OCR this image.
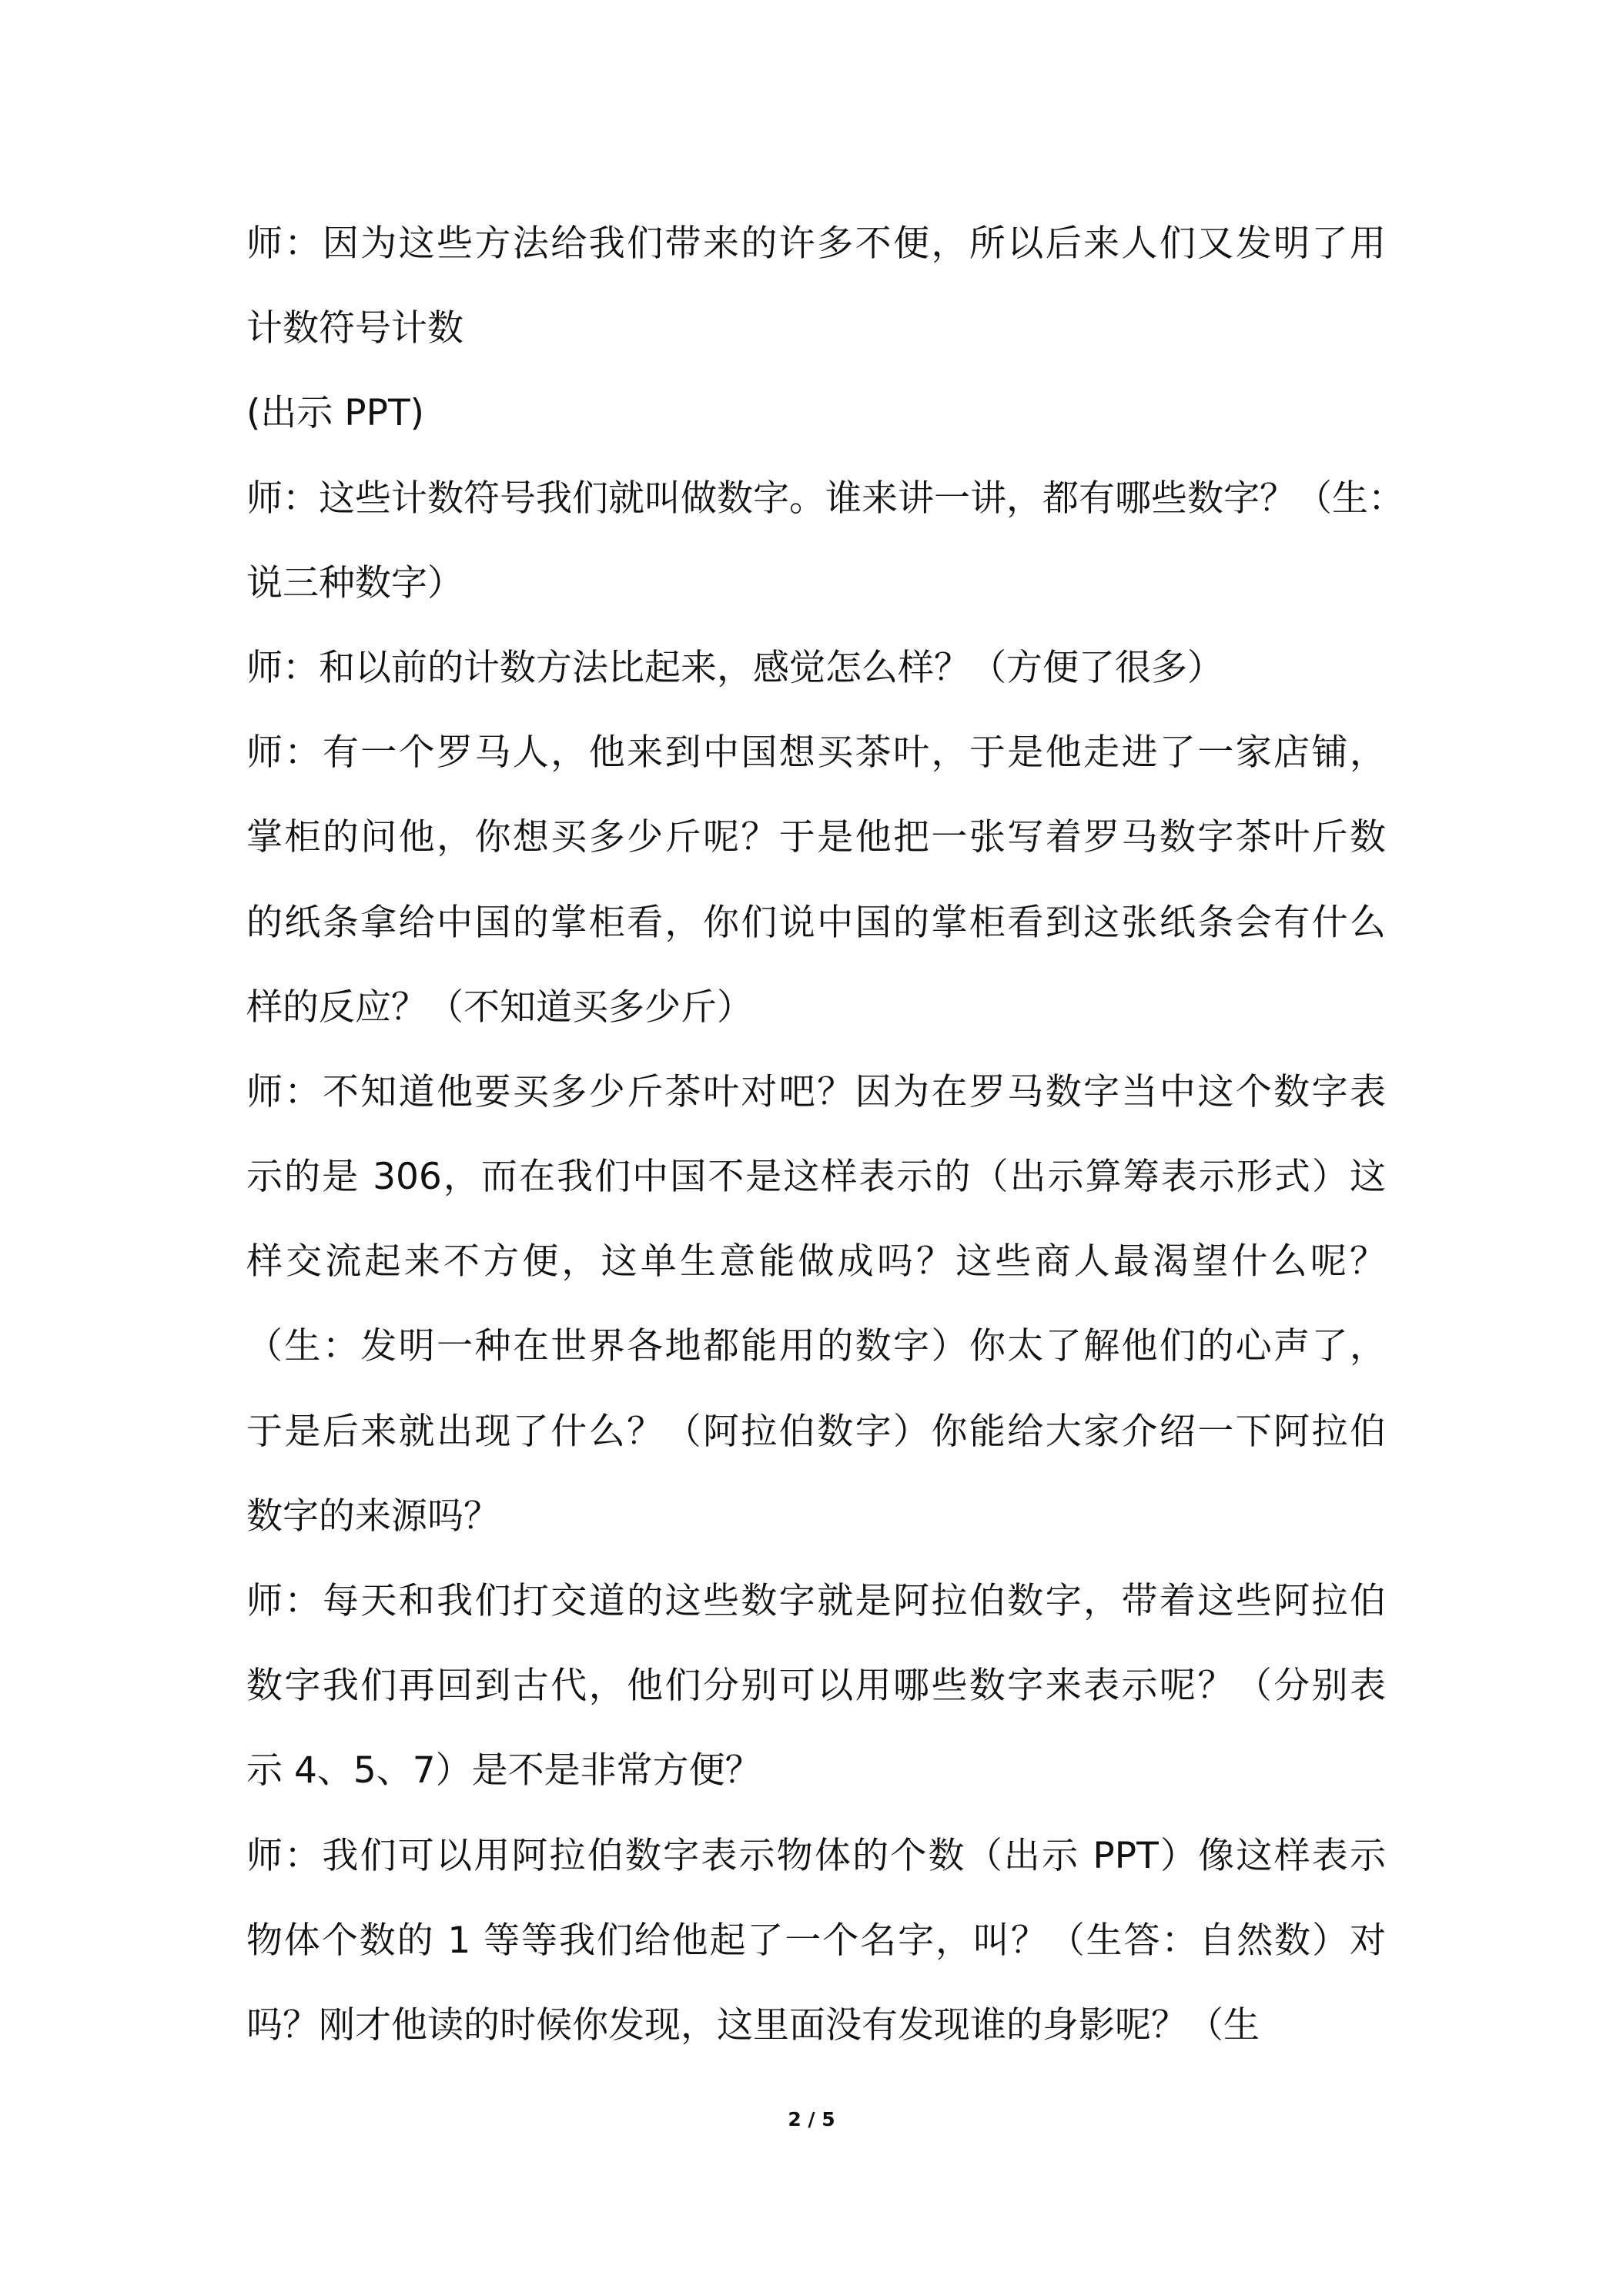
师：因为这些方法给我们带来的许多不便，所以后来人们又发明了用
计数符号计数
(出示 PPT)
师：这些计数符号我们就叫做数字。谁来讲一讲，都有哪些数字？（生：
说三种数字）
师：和以前的计数方法比起来，感觉怎么样？（方便了很多）
师：有一个罗马人，他来到中国想买茶叶，于是他走进了一家店铺，
掌柜的问他，你想买多少斤呢？于是他把一张写着罗马数字茶叶斤数
的纸条拿给中国的掌柜看，你们说中国的掌柜看到这张纸条会有什么
样的反应？（不知道买多少斤）
师：不知道他要买多少斤茶叶对吧？因为在罗马数字当中这个数字表
示的是 306，而在我们中国不是这样表示的（出示算筹表示形式）这
样交流起来不方便，这单生意能做成吗？这些商人最渴望什么呢？
（生：发明一种在世界各地都能用的数字）你太了解他们的心声了，
于是后来就出现了什么？（阿拉伯数字）你能给大家介绍一下阿拉伯
数字的来源吗？
师：每天和我们打交道的这些数字就是阿拉伯数字，带着这些阿拉伯
数字我们再回到古代，他们分别可以用哪些数字来表示呢？（分别表
示 4、5、7）是不是非常方便？
师：我们可以用阿拉伯数字表示物体的个数（出示 PPT）像这样表示
物体个数的 1 等等我们给他起了一个名字，叫？（生答：自然数）对
吗？刚才他读的时候你发现，这里面没有发现谁的身影呢？（生
2 / 5
